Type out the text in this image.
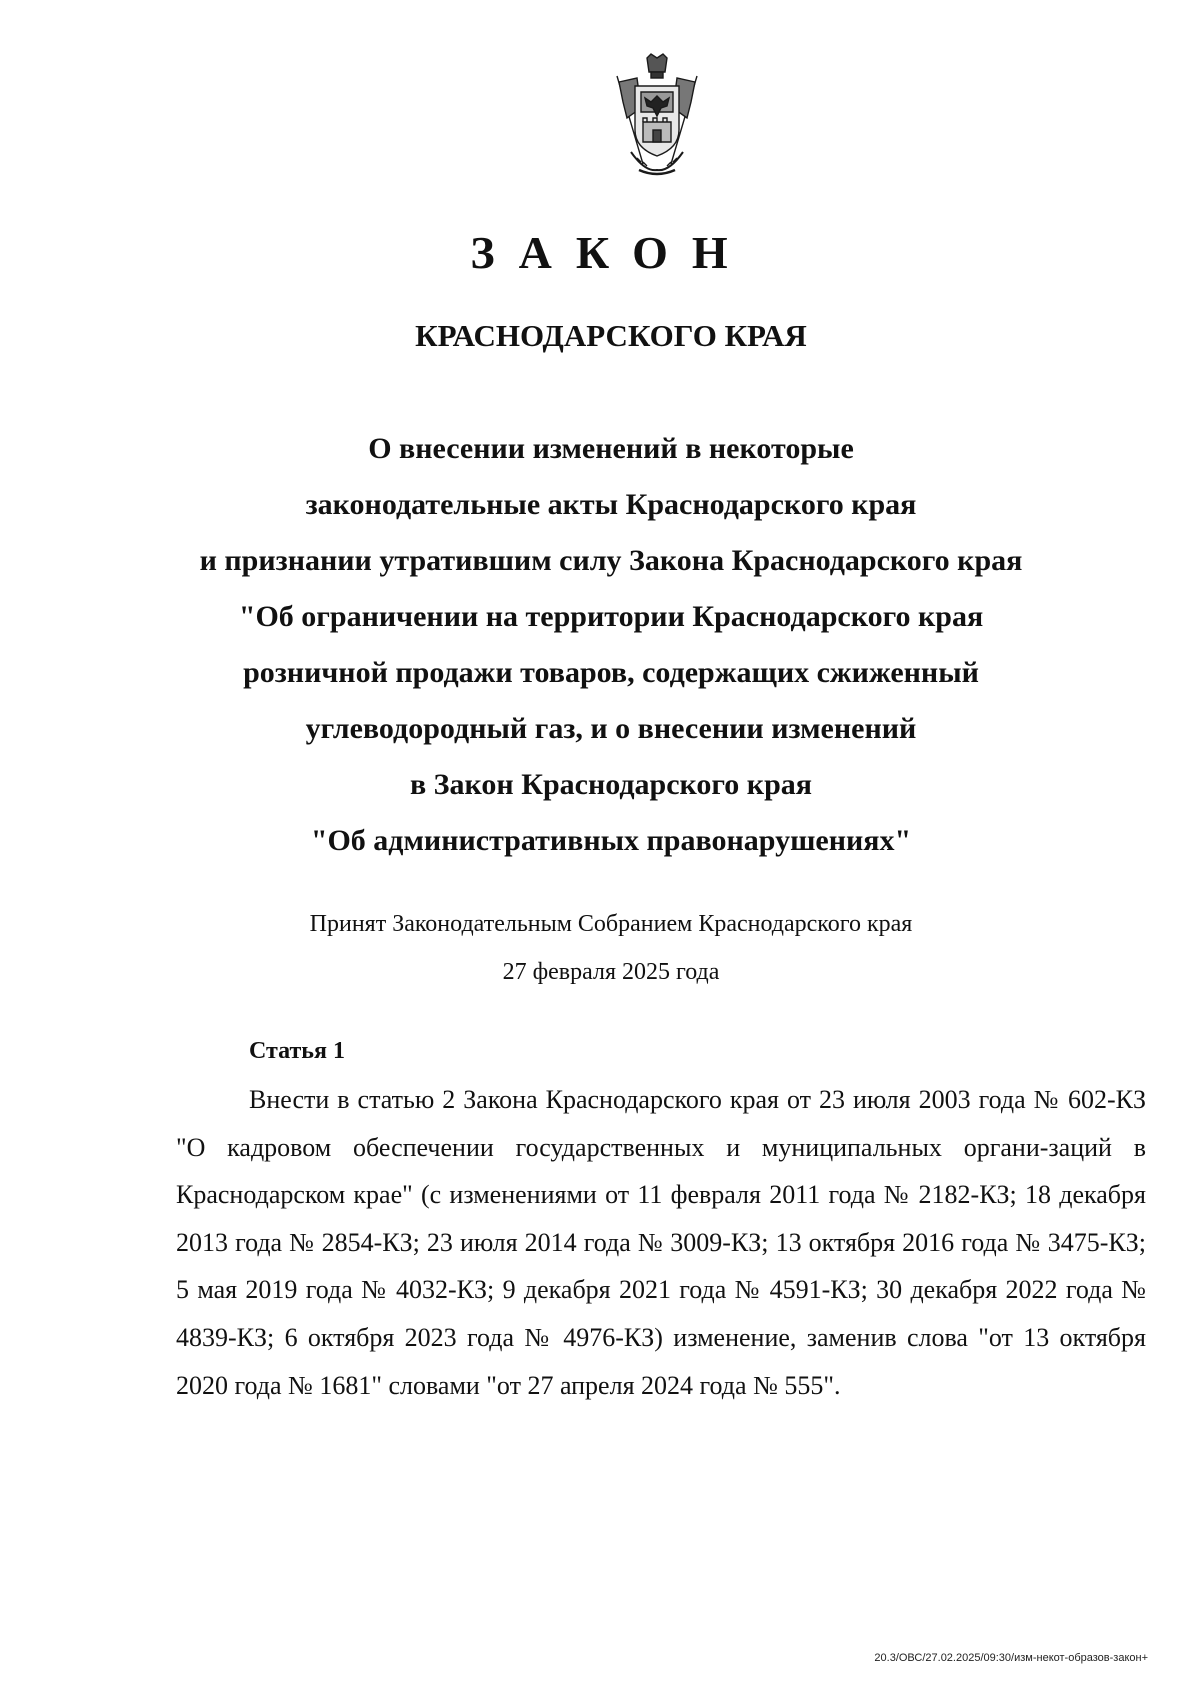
ЗАКОН
КРАСНОДАРСКОГО КРАЯ
О внесении изменений в некоторые
законодательные акты Краснодарского края
и признании утратившим силу Закона Краснодарского края
"Об ограничении на территории Краснодарского края
розничной продажи товаров, содержащих сжиженный
углеводородный газ, и о внесении изменений
в Закон Краснодарского края
"Об административных правонарушениях"
Принят Законодательным Собранием Краснодарского края
27 февраля 2025 года
Статья 1

Внести в статью 2 Закона Краснодарского края от 23 июля 2003 года № 602-КЗ "О кадровом обеспечении государственных и муниципальных органи-заций в Краснодарском крае" (с изменениями от 11 февраля 2011 года № 2182-КЗ; 18 декабря 2013 года № 2854-КЗ; 23 июля 2014 года № 3009-КЗ; 13 октября 2016 года № 3475-КЗ; 5 мая 2019 года № 4032-КЗ; 9 декабря 2021 года № 4591-КЗ; 30 декабря 2022 года № 4839-КЗ; 6 октября 2023 года № 4976-КЗ) изменение, заменив слова "от 13 октября 2020 года № 1681" словами "от 27 апреля 2024 года № 555".

20.3/ОВС/27.02.2025/09:30/изм-некот-образов-закон+
